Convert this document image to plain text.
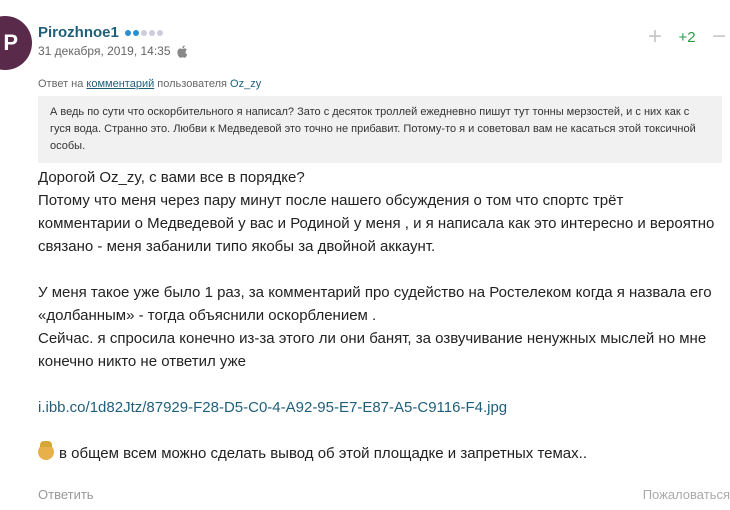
P Pirozhnoe1
31 декабря, 2019, 14:35
+	+2 −
Ответ на комментарий пользователя Oz_zy
А ведь по сути что оскорбительного я написал? Зато с десяток троллей ежедневно пишут тут тонны мерзостей, и с них как с гуся вода. Странно это. Любви к Медведевой это точно не прибавит. Потому-то я и советовал вам не касаться этой токсичной особы.

Дорогой Oz_zy, с вами все в порядке?

Потому что меня через пару минут после нашего обсуждения о том что спортс трёт комментарии о Медведевой у вас и Родиной у меня , и я написала как это интересно и вероятно связано - меня забанили типо якобы за двойной аккаунт.

У меня такое уже было 1 раз, за комментарий про судейство на Ростелеком когда я назвала его «долбанным» - тогда объяснили оскорблением .

Сейчас. я спросила конечно из-за этого ли они банят, за озвучивание ненужных мыслей но мне конечно никто не ответил уже

i.ibb.co/1d82Jtz/87929-F28-D5-C0-4-A92-95-E7-E87-A5-C9116-F4.jpg

в общем всем можно сделать вывод об этой площадке и запретных темах..

Ответить	Пожаловаться
